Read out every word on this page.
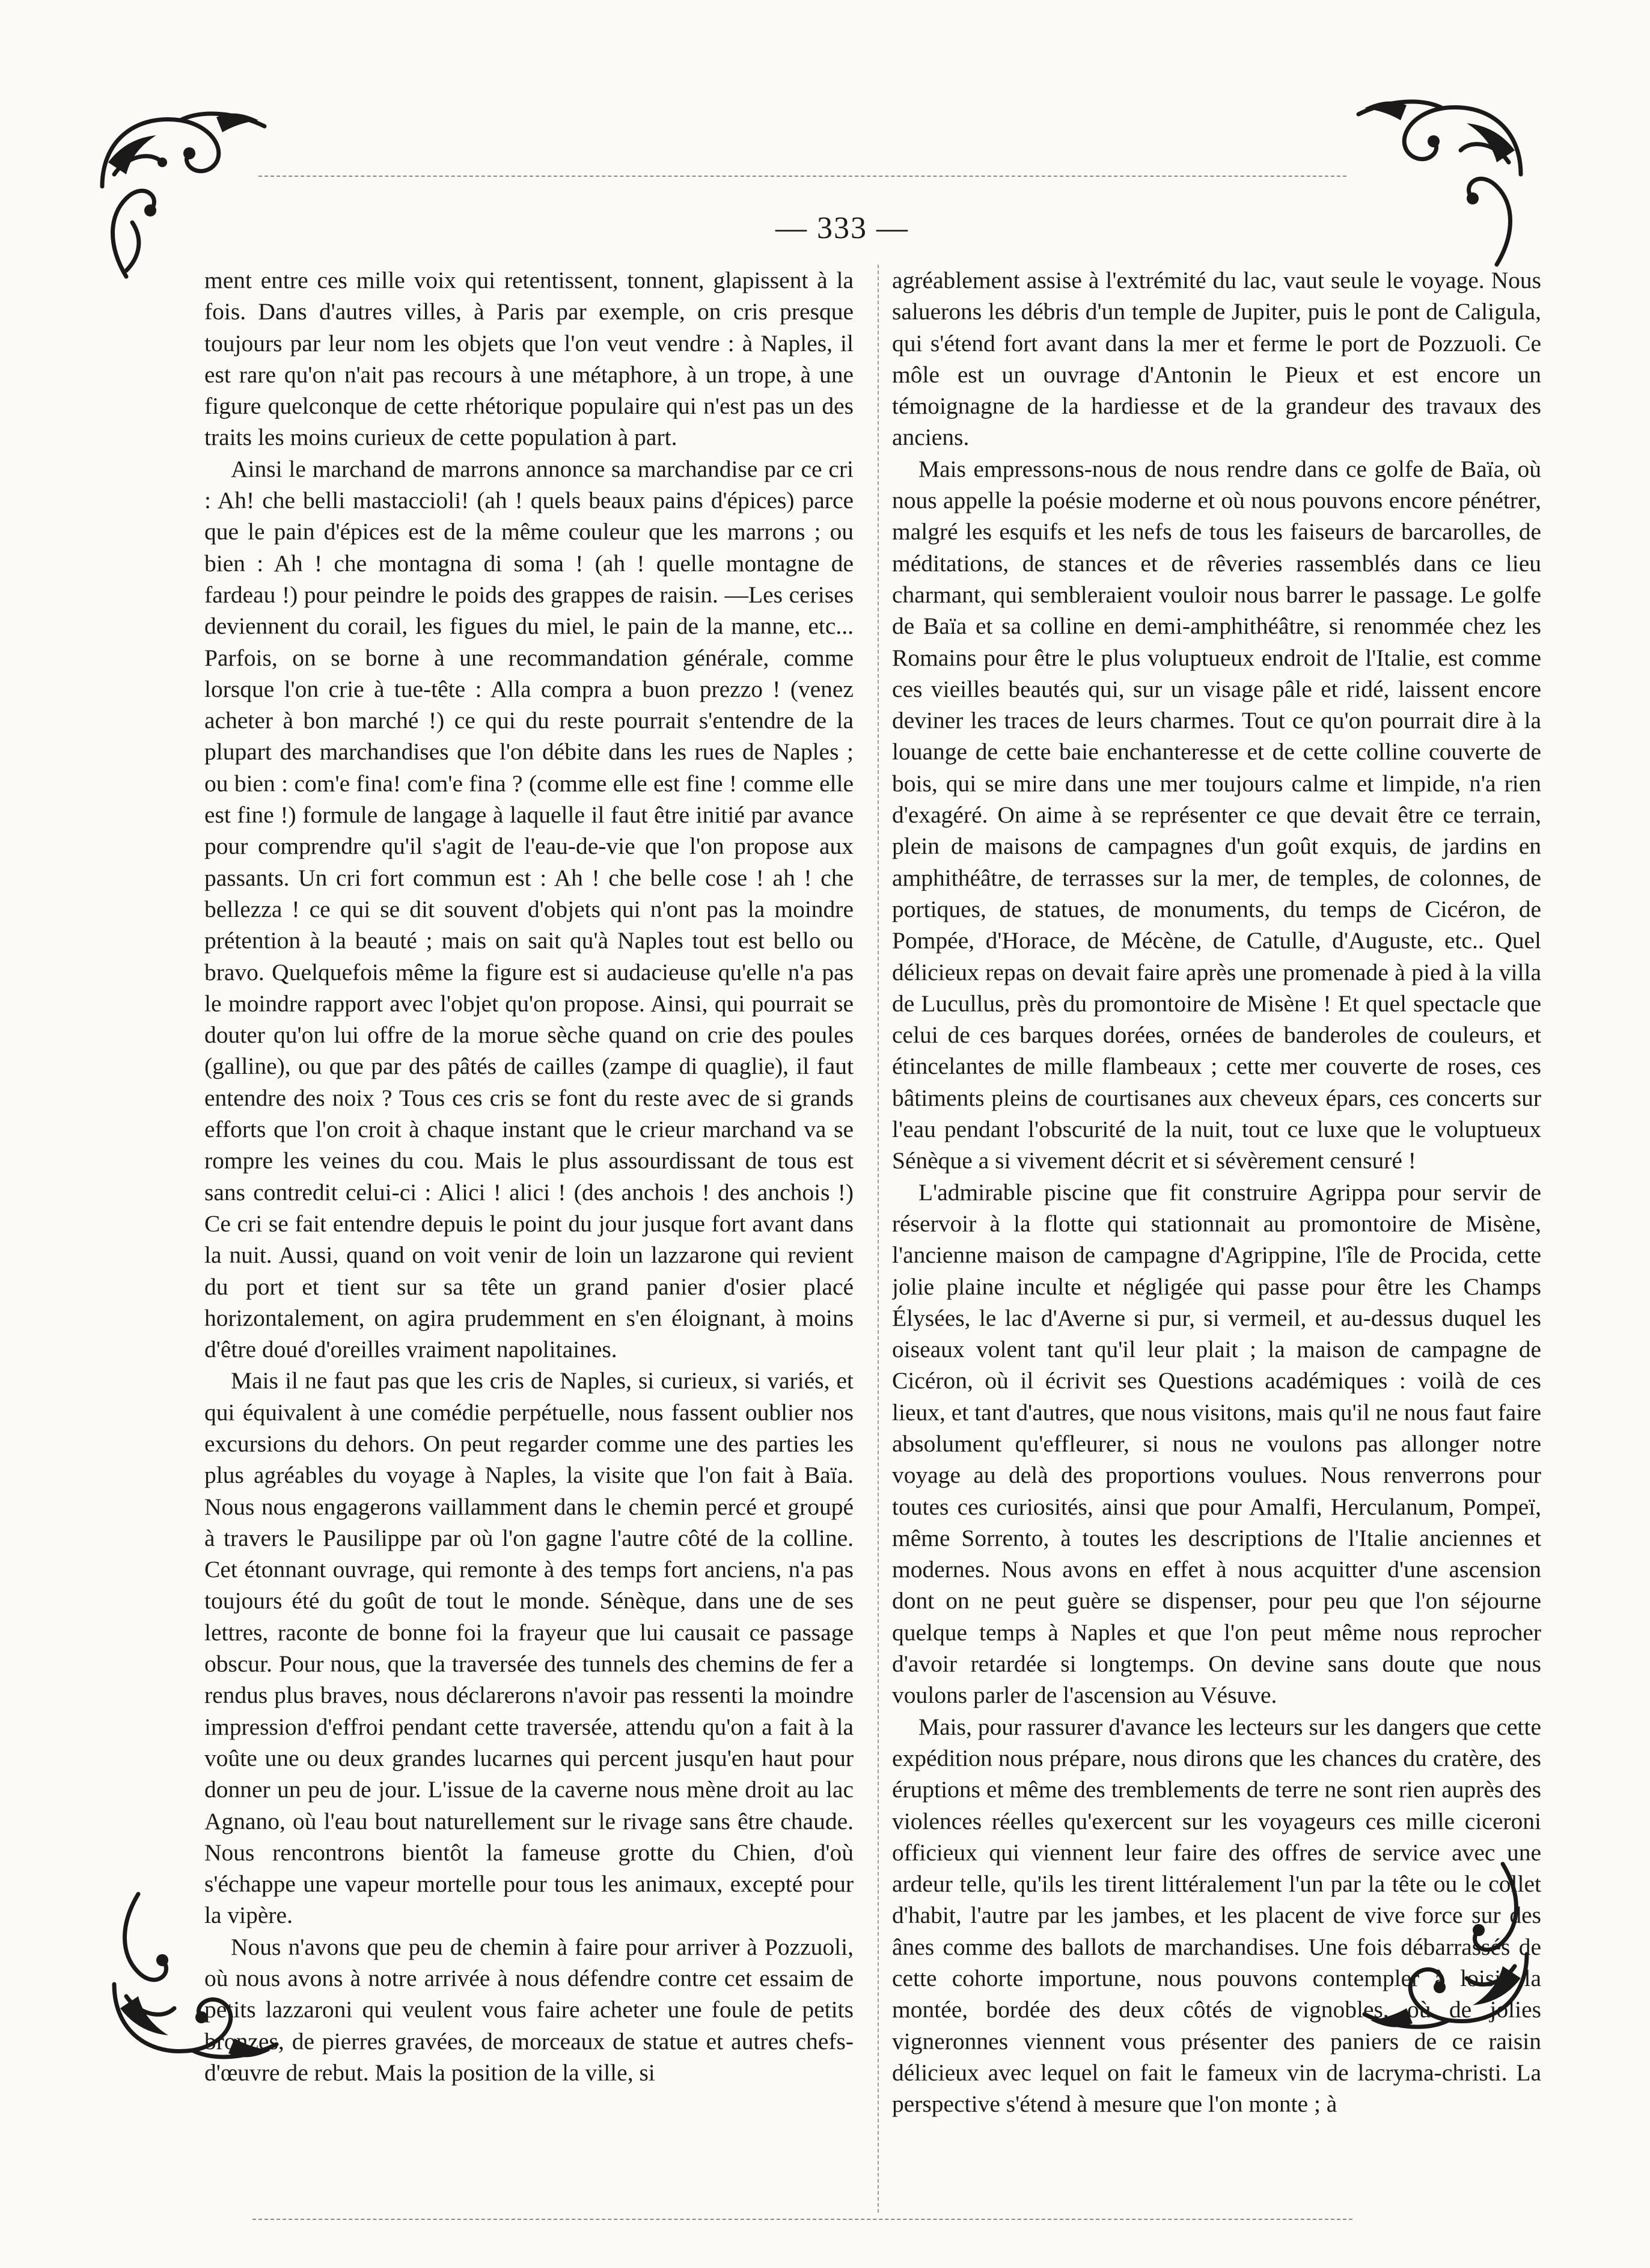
— 333 —

ment entre ces mille voix qui retentissent, tonnent, glapissent à la fois. Dans d'autres villes, à Paris par exemple, on cris presque toujours par leur nom les objets que l'on veut vendre : à Naples, il est rare qu'on n'ait pas recours à une métaphore, à un trope, à une figure quelconque de cette rhétorique populaire qui n'est pas un des traits les moins curieux de cette population à part.

Ainsi le marchand de marrons annonce sa marchandise par ce cri : Ah! che belli mastaccioli! (ah ! quels beaux pains d'épices) parce que le pain d'épices est de la même couleur que les marrons ; ou bien : Ah ! che montagna di soma ! (ah ! quelle montagne de fardeau !) pour peindre le poids des grappes de raisin. —Les cerises deviennent du corail, les figues du miel, le pain de la manne, etc... Parfois, on se borne à une recommandation générale, comme lorsque l'on crie à tue-tête : Alla compra a buon prezzo ! (venez acheter à bon marché !) ce qui du reste pourrait s'entendre de la plupart des marchandises que l'on débite dans les rues de Naples ; ou bien : com'e fina! com'e fina ? (comme elle est fine ! comme elle est fine !) formule de langage à laquelle il faut être initié par avance pour comprendre qu'il s'agit de l'eau-de-vie que l'on propose aux passants. Un cri fort commun est : Ah ! che belle cose ! ah ! che bellezza ! ce qui se dit souvent d'objets qui n'ont pas la moindre prétention à la beauté ; mais on sait qu'à Naples tout est bello ou bravo. Quelquefois même la figure est si audacieuse qu'elle n'a pas le moindre rapport avec l'objet qu'on propose. Ainsi, qui pourrait se douter qu'on lui offre de la morue sèche quand on crie des poules (galline), ou que par des pâtés de cailles (zampe di quaglie), il faut entendre des noix ? Tous ces cris se font du reste avec de si grands efforts que l'on croit à chaque instant que le crieur marchand va se rompre les veines du cou. Mais le plus assourdissant de tous est sans contredit celui-ci : Alici ! alici ! (des anchois ! des anchois !) Ce cri se fait entendre depuis le point du jour jusque fort avant dans la nuit. Aussi, quand on voit venir de loin un lazzarone qui revient du port et tient sur sa tête un grand panier d'osier placé horizontalement, on agira prudemment en s'en éloignant, à moins d'être doué d'oreilles vraiment napolitaines.

Mais il ne faut pas que les cris de Naples, si curieux, si variés, et qui équivalent à une comédie perpétuelle, nous fassent oublier nos excursions du dehors. On peut regarder comme une des parties les plus agréables du voyage à Naples, la visite que l'on fait à Baïa. Nous nous engagerons vaillamment dans le chemin percé et groupé à travers le Pausilippe par où l'on gagne l'autre côté de la colline. Cet étonnant ouvrage, qui remonte à des temps fort anciens, n'a pas toujours été du goût de tout le monde. Sénèque, dans une de ses lettres, raconte de bonne foi la frayeur que lui causait ce passage obscur. Pour nous, que la traversée des tunnels des chemins de fer a rendus plus braves, nous déclarerons n'avoir pas ressenti la moindre impression d'effroi pendant cette traversée, attendu qu'on a fait à la voûte une ou deux grandes lucarnes qui percent jusqu'en haut pour donner un peu de jour. L'issue de la caverne nous mène droit au lac Agnano, où l'eau bout naturellement sur le rivage sans être chaude. Nous rencontrons bientôt la fameuse grotte du Chien, d'où s'échappe une vapeur mortelle pour tous les animaux, excepté pour la vipère.

Nous n'avons que peu de chemin à faire pour arriver à Pozzuoli, où nous avons à notre arrivée à nous défendre contre cet essaim de petits lazzaroni qui veulent vous faire acheter une foule de petits bronzes, de pierres gravées, de morceaux de statue et autres chefs-d'œuvre de rebut. Mais la position de la ville, si

agréablement assise à l'extrémité du lac, vaut seule le voyage. Nous saluerons les débris d'un temple de Jupiter, puis le pont de Caligula, qui s'étend fort avant dans la mer et ferme le port de Pozzuoli. Ce môle est un ouvrage d'Antonin le Pieux et est encore un témoignagne de la hardiesse et de la grandeur des travaux des anciens.

Mais empressons-nous de nous rendre dans ce golfe de Baïa, où nous appelle la poésie moderne et où nous pouvons encore pénétrer, malgré les esquifs et les nefs de tous les faiseurs de barcarolles, de méditations, de stances et de rêveries rassemblés dans ce lieu charmant, qui sembleraient vouloir nous barrer le passage. Le golfe de Baïa et sa colline en demi-amphithéâtre, si renommée chez les Romains pour être le plus voluptueux endroit de l'Italie, est comme ces vieilles beautés qui, sur un visage pâle et ridé, laissent encore deviner les traces de leurs charmes. Tout ce qu'on pourrait dire à la louange de cette baie enchanteresse et de cette colline couverte de bois, qui se mire dans une mer toujours calme et limpide, n'a rien d'exagéré. On aime à se représenter ce que devait être ce terrain, plein de maisons de campagnes d'un goût exquis, de jardins en amphithéâtre, de terrasses sur la mer, de temples, de colonnes, de portiques, de statues, de monuments, du temps de Cicéron, de Pompée, d'Horace, de Mécène, de Catulle, d'Auguste, etc.. Quel délicieux repas on devait faire après une promenade à pied à la villa de Lucullus, près du promontoire de Misène ! Et quel spectacle que celui de ces barques dorées, ornées de banderoles de couleurs, et étincelantes de mille flambeaux ; cette mer couverte de roses, ces bâtiments pleins de courtisanes aux cheveux épars, ces concerts sur l'eau pendant l'obscurité de la nuit, tout ce luxe que le voluptueux Sénèque a si vivement décrit et si sévèrement censuré !

L'admirable piscine que fit construire Agrippa pour servir de réservoir à la flotte qui stationnait au promontoire de Misène, l'ancienne maison de campagne d'Agrippine, l'île de Procida, cette jolie plaine inculte et négligée qui passe pour être les Champs Élysées, le lac d'Averne si pur, si vermeil, et au-dessus duquel les oiseaux volent tant qu'il leur plait ; la maison de campagne de Cicéron, où il écrivit ses Questions académiques : voilà de ces lieux, et tant d'autres, que nous visitons, mais qu'il ne nous faut faire absolument qu'effleurer, si nous ne voulons pas allonger notre voyage au delà des proportions voulues. Nous renverrons pour toutes ces curiosités, ainsi que pour Amalfi, Herculanum, Pompeï, même Sorrento, à toutes les descriptions de l'Italie anciennes et modernes. Nous avons en effet à nous acquitter d'une ascension dont on ne peut guère se dispenser, pour peu que l'on séjourne quelque temps à Naples et que l'on peut même nous reprocher d'avoir retardée si longtemps. On devine sans doute que nous voulons parler de l'ascension au Vésuve.

Mais, pour rassurer d'avance les lecteurs sur les dangers que cette expédition nous prépare, nous dirons que les chances du cratère, des éruptions et même des tremblements de terre ne sont rien auprès des violences réelles qu'exercent sur les voyageurs ces mille ciceroni officieux qui viennent leur faire des offres de service avec une ardeur telle, qu'ils les tirent littéralement l'un par la tête ou le collet d'habit, l'autre par les jambes, et les placent de vive force sur des ânes comme des ballots de marchandises. Une fois débarrassés de cette cohorte importune, nous pouvons contempler à loisir la montée, bordée des deux côtés de vignobles, où de jolies vigneronnes viennent vous présenter des paniers de ce raisin délicieux avec lequel on fait le fameux vin de lacryma-christi. La perspective s'étend à mesure que l'on monte ; à
